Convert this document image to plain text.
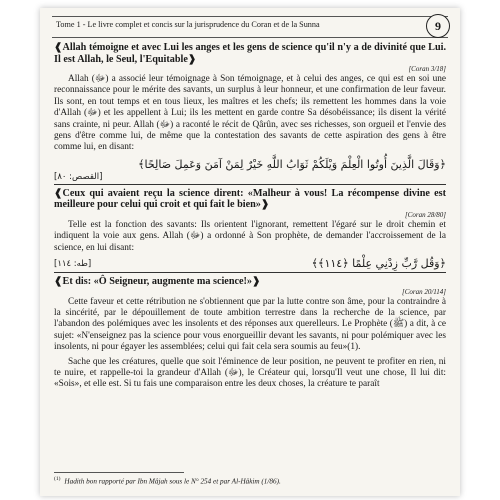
Tome 1 - Le livre complet et concis sur la jurisprudence du Coran et de la Sunna	9

❰Allah témoigne et avec Lui les anges et les gens de science qu'il n'y a de divinité que Lui. Il est Allah, le Seul, l'Equitable❱

[Coran 3/18]

Allah (ﷻ) a associé leur témoignage à Son témoignage, et à celui des anges, ce qui est en soi une reconnaissance pour le mérite des savants, un surplus à leur honneur, et une confirmation de leur faveur. Ils sont, en tout temps et en tous lieux, les maîtres et les chefs; ils remettent les hommes dans la voie d'Allah (ﷻ) et les appellent à Lui; ils les mettent en garde contre Sa désobéissance; ils disent la vérité sans crainte, ni peur. Allah (ﷻ) a raconté le récit de Qârûn, avec ses richesses, son orgueil et l'envie des gens d'être comme lui, de même que la contestation des savants de cette aspiration des gens à être comme lui, en disant:

﴿وَقَالَ الَّذِينَ أُوتُوا الْعِلْمَ وَيْلَكُمْ ثَوَابُ اللَّهِ خَيْرٌ لِمَنْ آمَنَ وَعَمِلَ صَالِحًا﴾

[القصص: ٨٠]

❰Ceux qui avaient reçu la science dirent: «Malheur à vous! La récompense divine est meilleure pour celui qui croit et qui fait le bien»❱

[Coran 28/80]

Telle est la fonction des savants: Ils orientent l'ignorant, remettent l'égaré sur le droit chemin et indiquent la voie aux gens. Allah (ﷻ) a ordonné à Son prophète, de demander l'accroissement de la science, en lui disant:

[طه: ١١٤]	﴿وَقُل رَّبِّ زِدْنِي عِلْمًا ﴿١١٤﴾﴾

❰Et dis: «Ô Seigneur, augmente ma science!»❱

[Coran 20/114]

Cette faveur et cette rétribution ne s'obtiennent que par la lutte contre son âme, pour la contraindre à la sincérité, par le dépouillement de toute ambition terrestre dans la recherche de la science, par l'abandon des polémiques avec les insolents et des réponses aux querelleurs. Le Prophète (ﷺ) a dit, à ce sujet: «N'enseignez pas la science pour vous enorgueillir devant les savants, ni pour polémiquer avec les insolents, ni pour égayer les assemblées; celui qui fait cela sera soumis au feu»(1).

Sache que les créatures, quelle que soit l'éminence de leur position, ne peuvent te profiter en rien, ni te nuire, et rappelle-toi la grandeur d'Allah (ﷻ), le Créateur qui, lorsqu'Il veut une chose, Il lui dit: «Sois», et elle est. Si tu fais une comparaison entre les deux choses, la créature te paraît

$^{(1)}$ Hadith bon rapporté par Ibn Mâjah sous le N° 254 et par Al-Hâkim (1/86).
